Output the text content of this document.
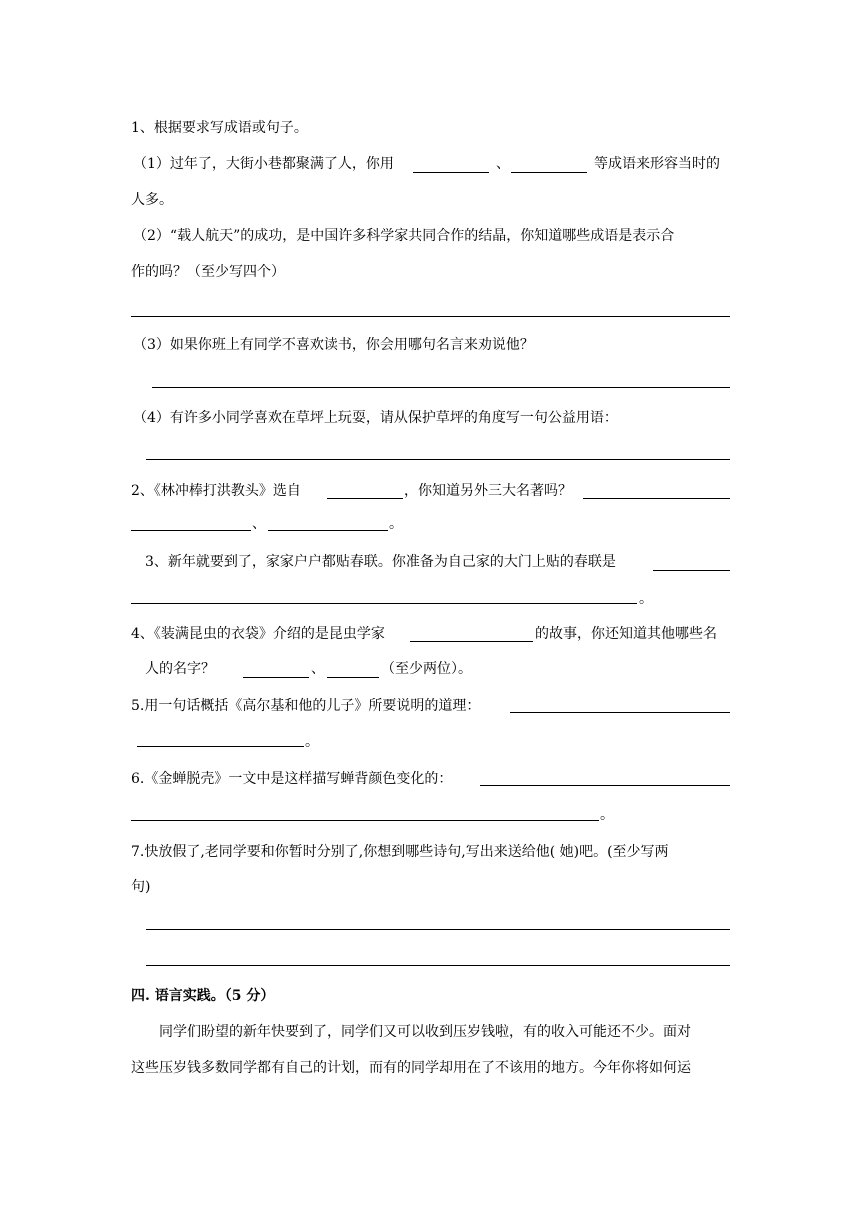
1、根据要求写成语或句子。
（1）过年了，大街小巷都聚满了人，你用	、	等成语来形容当时的
人多。
（2）“载人航天”的成功，是中国许多科学家共同合作的结晶，你知道哪些成语是表示合
作的吗？（至少写四个）
（3）如果你班上有同学不喜欢读书，你会用哪句名言来劝说他？
（4）有许多小同学喜欢在草坪上玩耍，请从保护草坪的角度写一句公益用语：
2、《林冲棒打洪教头》选自	，你知道另外三大名著吗？
、	。
3、新年就要到了，家家户户都贴春联。你准备为自己家的大门上贴的春联是
。
4、《装满昆虫的衣袋》介绍的是昆虫学家	的故事，你还知道其他哪些名
人的名字？	、	（至少两位）。
5.用一句话概括《高尔基和他的儿子》所要说明的道理：
。
6.《金蝉脱壳》一文中是这样描写蝉背颜色变化的：
。
7.快放假了,老同学要和你暂时分别了,你想到哪些诗句,写出来送给他( 她)吧。(至少写两
句)
四. 语言实践。（5 分）
同学们盼望的新年快要到了，同学们又可以收到压岁钱啦，有的收入可能还不少。面对
这些压岁钱多数同学都有自己的计划，而有的同学却用在了不该用的地方。今年你将如何运
